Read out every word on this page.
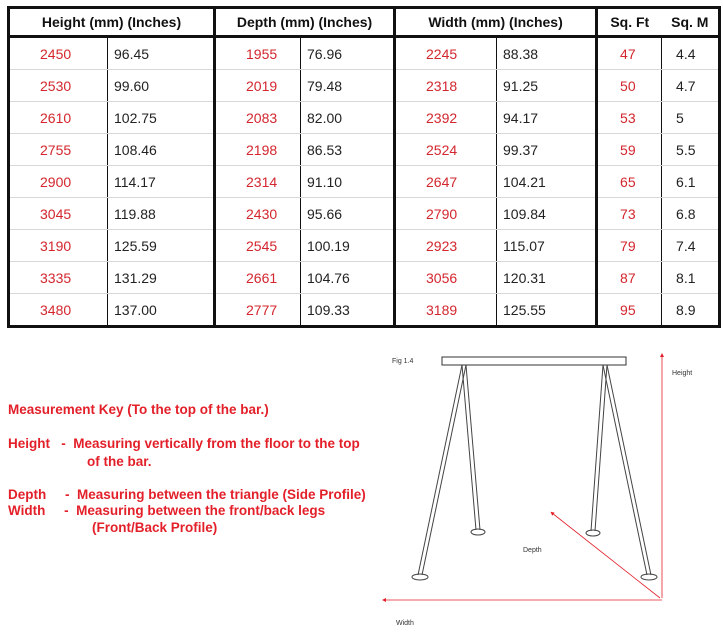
Height (mm) (Inches)		Depth (mm) (Inches)		Width (mm) (Inches)		Sq. Ft	Sq. M
2450	96.45	1955	76.96	2245	88.38	47	4.4
2530	99.60	2019	79.48	2318	91.25	50	4.7
2610	102.75	2083	82.00	2392	94.17	53	5
2755	108.46	2198	86.53	2524	99.37	59	5.5
2900	114.17	2314	91.10	2647	104.21	65	6.1
3045	119.88	2430	95.66	2790	109.84	73	6.8
3190	125.59	2545	100.19	2923	115.07	79	7.4
3335	131.29	2661	104.76	3056	120.31	87	8.1
3480	137.00	2777	109.33	3189	125.55	95	8.9
Measurement Key (To the top of the bar.)
Height   -  Measuring vertically from the floor to the top
of the bar.
Depth     -  Measuring between the triangle (Side Profile)
Width     -  Measuring between the front/back legs
(Front/Back Profile)
Fig 1.4
Height
Depth
Width
